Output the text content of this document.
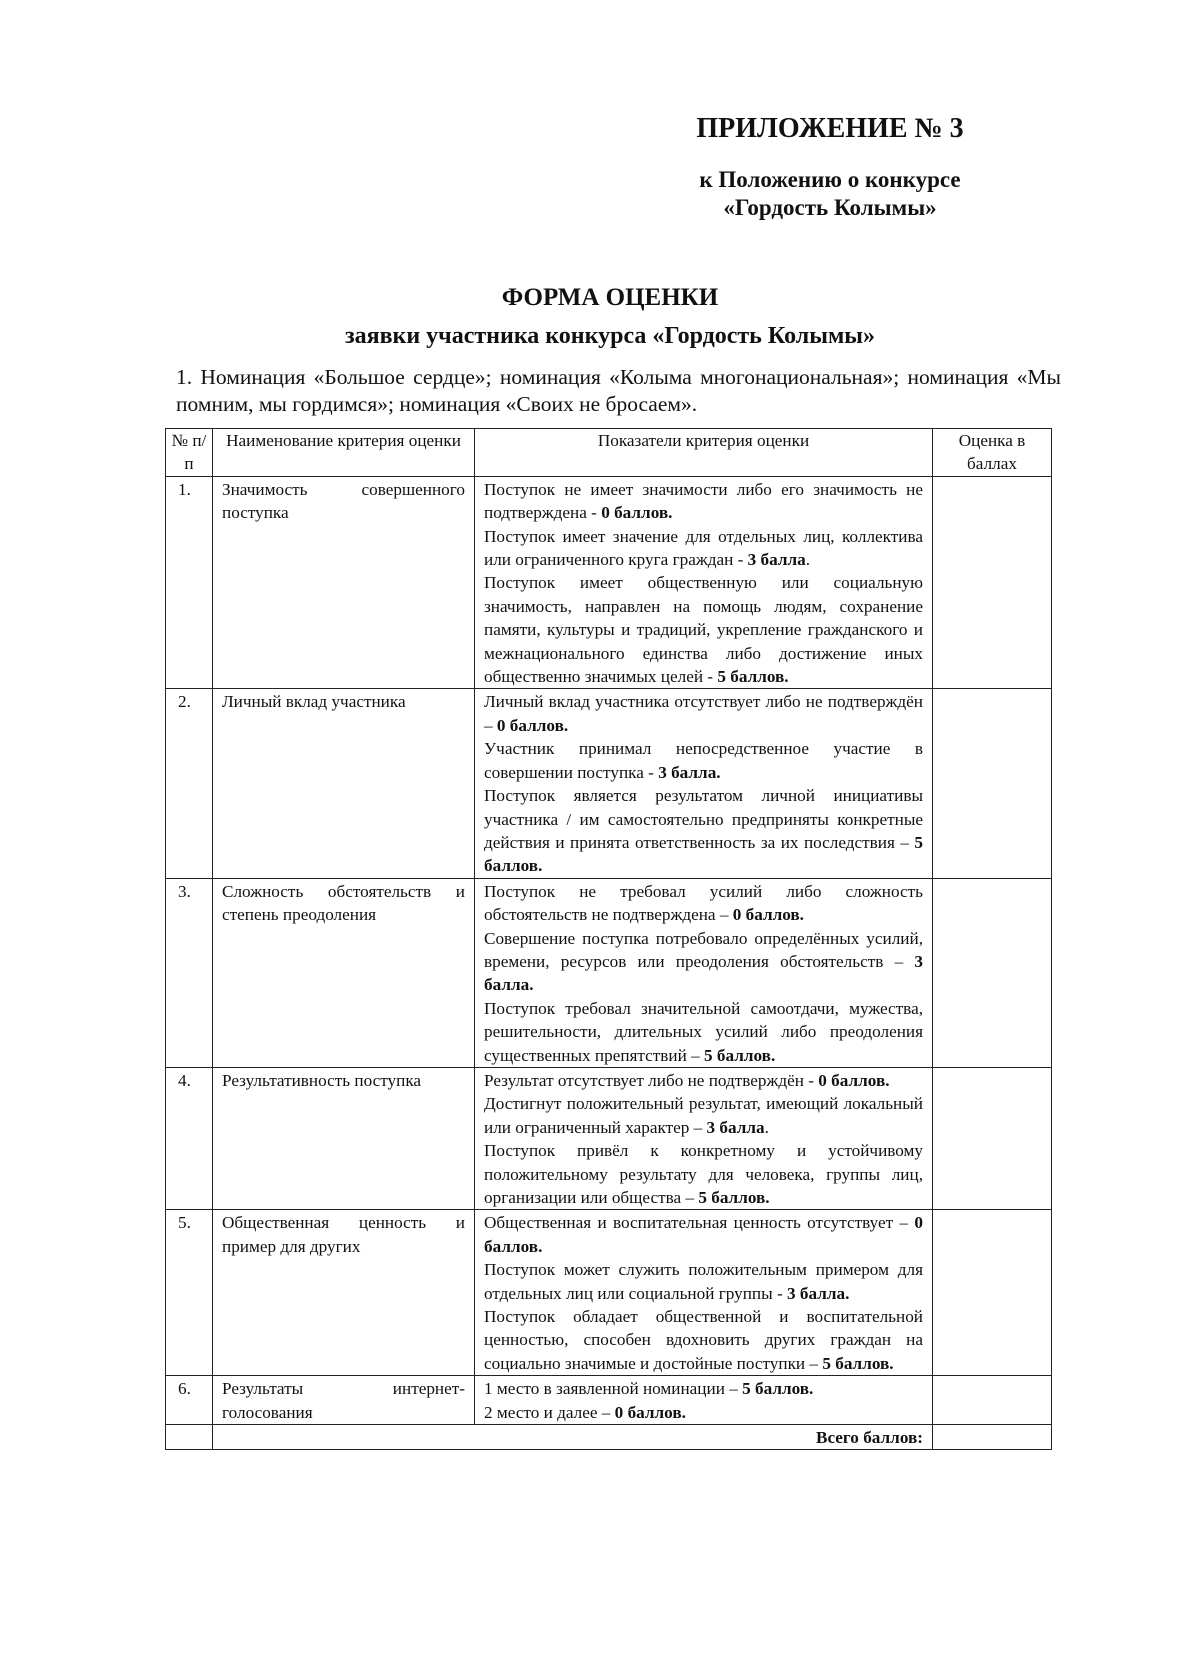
ПРИЛОЖЕНИЕ № 3
к Положению о конкурсе
«Гордость Колымы»
ФОРМА ОЦЕНКИ
заявки участника конкурса «Гордость Колымы»
1. Номинация «Большое сердце»; номинация «Колыма многонациональная»; номинация «Мы помним, мы гордимся»; номинация «Своих не бросаем».
№ п/п	Наименование критерия оценки	Показатели критерия оценки	Оценка в баллах
1.	Значимость совершенного поступка	Поступок не имеет значимости либо его значимость не подтверждена - 0 баллов.

Поступок имеет значение для отдельных лиц, коллектива или ограниченного круга граждан - 3 балла.

Поступок имеет общественную или социальную значимость, направлен на помощь людям, сохранение памяти, культуры и традиций, укрепление гражданского и межнационального единства либо достижение иных общественно значимых целей - 5 баллов.	

2.	Личный вклад участника	Личный вклад участника отсутствует либо не подтверждён – 0 баллов.

Участник принимал непосредственное участие в совершении поступка - 3 балла.

Поступок является результатом личной инициативы участника / им самостоятельно предприняты конкретные действия и принята ответственность за их последствия – 5 баллов.	

3.	Сложность обстоятельств и степень преодоления	Поступок не требовал усилий либо сложность обстоятельств не подтверждена – 0 баллов.

Совершение поступка потребовало определённых усилий, времени, ресурсов или преодоления обстоятельств – 3 балла.

Поступок требовал значительной самоотдачи, мужества, решительности, длительных усилий либо преодоления существенных препятствий – 5 баллов.	

4.	Результативность поступка	Результат отсутствует либо не подтверждён - 0 баллов.

Достигнут положительный результат, имеющий локальный или ограниченный характер – 3 балла.

Поступок привёл к конкретному и устойчивому положительному результату для человека, группы лиц, организации или общества – 5 баллов.	

5.	Общественная ценность и пример для других	Общественная и воспитательная ценность отсутствует – 0 баллов.

Поступок может служить положительным примером для отдельных лиц или социальной группы - 3 балла.

Поступок обладает общественной и воспитательной ценностью, способен вдохновить других граждан на социально значимые и достойные поступки – 5 баллов.	

6.	Результаты интернет-голосования	1 место в заявленной номинации – 5 баллов.

2 место и далее – 0 баллов.	

	Всего баллов:		
